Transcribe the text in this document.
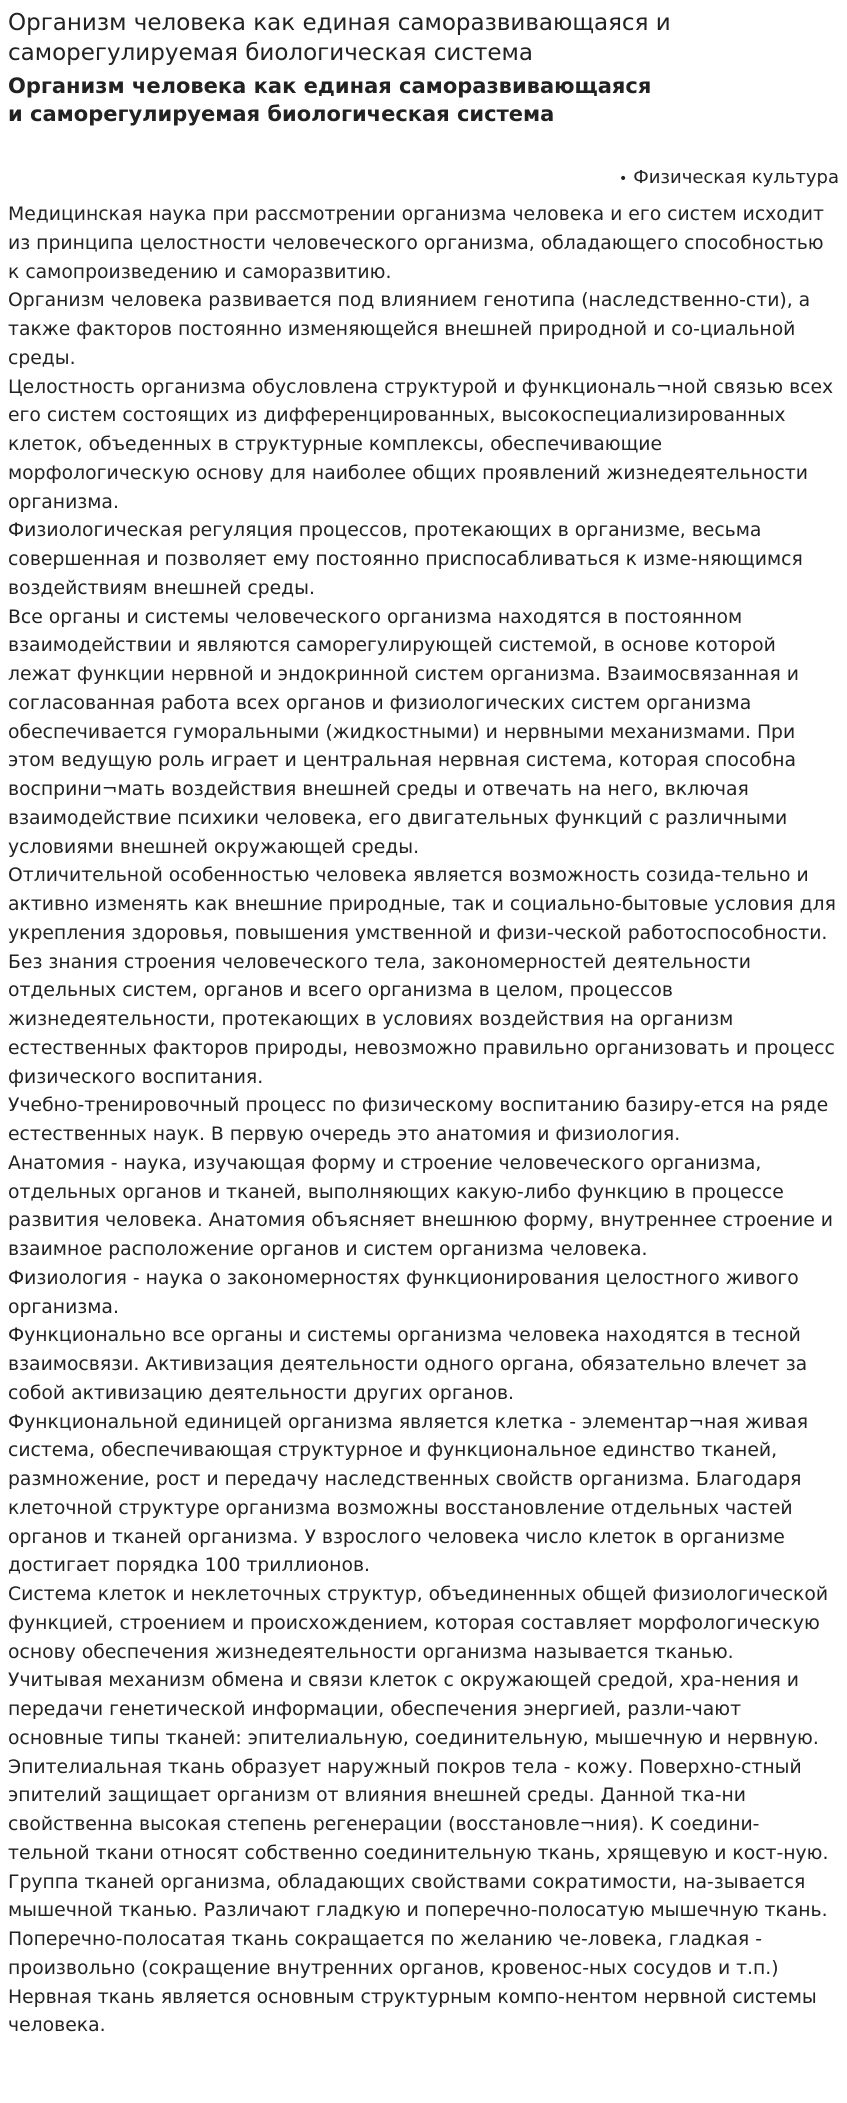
Организм человека как единая саморазвивающаяся и саморегулируемая биологическая система
Организм человека как единая саморазвивающаяся
и саморегулируемая биологическая система
• Физическая культура

Медицинская наука при рассмотрении организма человека и его систем исходит из принципа целостности человеческого организма, обладающего способностью к самопроизведению и саморазвитию.

Организм человека развивается под влиянием генотипа (наследственно-сти), а также факторов постоянно изменяющейся внешней природной и со-циальной среды.

Целостность организма обусловлена структурой и функциональ¬ной связью всех его систем состоящих из дифференцированных, высокоспециализированных клеток, объеденных в структурные комплексы, обеспечивающие морфологическую основу для наиболее общих проявлений жизнедеятельности организма.

Физиологическая регуляция процессов, протекающих в организме, весьма совершенная и позволяет ему постоянно приспосабливаться к изме-няющимся воздействиям внешней среды.

Все органы и системы человеческого организма находятся в постоянном взаимодействии и являются саморегулирующей системой, в основе которой лежат функции нервной и эндокринной систем организма. Взаимосвязанная и согласованная работа всех органов и физиологических систем организма обеспечивается гуморальными (жидкостными) и нервными механизмами. При этом ведущую роль играет и центральная нервная система, которая способна восприни¬мать воздействия внешней среды и отвечать на него, включая взаимодействие психики человека, его двигательных функций с различными условиями внешней окружающей среды.

Отличительной особенностью человека является возможность созида-тельно и активно изменять как внешние природные, так и социально-бытовые условия для укрепления здоровья, повышения умственной и физи-ческой работоспособности.

Без знания строения человеческого тела, закономерностей деятельности отдельных систем, органов и всего организма в целом, процессов жизнедеятельности, протекающих в условиях воздействия на организм естественных факторов природы, невозможно правильно организовать и процесс физического воспитания.

Учебно-тренировочный процесс по физическому воспитанию базиру-ется на ряде естественных наук. В первую очередь это анатомия и физиология.

Анатомия - наука, изучающая форму и строение человеческого организма, отдельных органов и тканей, выполняющих какую-либо функцию в процессе развития человека. Анатомия объясняет внешнюю форму, внутреннее строение и взаимное расположение органов и систем организма человека.

Физиология - наука о закономерностях функционирования целостного живого организма.

Функционально все органы и системы организма человека находятся в тесной взаимосвязи. Активизация деятельности одного органа, обязательно влечет за собой активизацию деятельности других органов.

Функциональной единицей организма является клетка - элементар¬ная живая система, обеспечивающая структурное и функциональное единство тканей, размножение, рост и передачу наследственных свойств организма. Благодаря клеточной структуре организма возможны восстановление отдельных частей органов и тканей организма. У взрослого человека число клеток в организме достигает порядка 100 триллионов.

Система клеток и неклеточных структур, объединенных общей физиологической функцией, строением и происхождением, которая составляет морфологическую основу обеспечения жизнедеятельности организма называется тканью.

Учитывая механизм обмена и связи клеток с окружающей средой, хра-нения и передачи генетической информации, обеспечения энергией, разли-чают основные типы тканей: эпителиальную, соединительную, мышечную и нервную.

Эпителиальная ткань образует наружный покров тела - кожу. Поверхно-стный эпителий защищает организм от влияния внешней среды. Данной тка-ни свойственна высокая степень регенерации (восстановле¬ния). К соедини-тельной ткани относят собственно соединительную ткань, хрящевую и кост-ную.

Группа тканей организма, обладающих свойствами сократимости, на-зывается мышечной тканью. Различают гладкую и поперечно-полосатую мышечную ткань. Поперечно-полосатая ткань сокращается по желанию че-ловека, гладкая - произвольно (сокращение внутренних органов, кровенос-ных сосудов и т.п.)

Нервная ткань является основным структурным компо-нентом нервной системы человека.
